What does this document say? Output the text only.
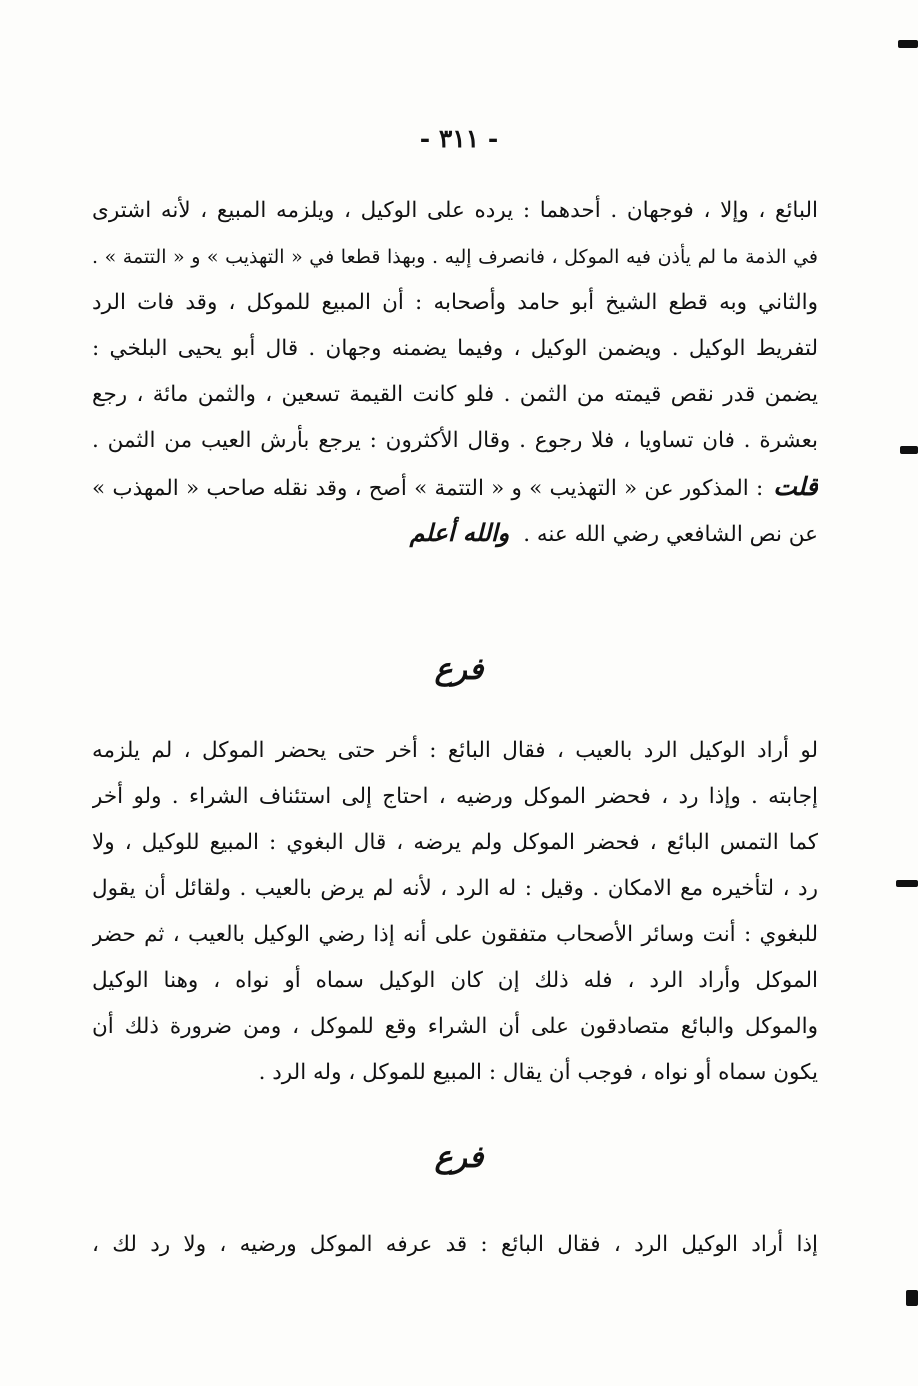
- ٣١١ -
البائع ، وإلا ، فوجهان . أحدهما : يرده على الوكيل ، ويلزمه المبيع ، لأنه اشترى
في الذمة ما لم يأذن فيه الموكل ، فانصرف إليه . وبهذا قطعا في « التهذيب » و « التتمة » .
والثاني وبه قطع الشيخ أبو حامد وأصحابه : أن المبيع للموكل ، وقد فات الرد
لتفريط الوكيل . ويضمن الوكيل ، وفيما يضمنه وجهان . قال أبو يحيى البلخي :
يضمن قدر نقص قيمته من الثمن . فلو كانت القيمة تسعين ، والثمن مائة ، رجع
بعشرة . فان تساويا ، فلا رجوع . وقال الأكثرون : يرجع بأرش العيب من الثمن .
قلت: المذكور عن « التهذيب » و « التتمة » أصح ، وقد نقله صاحب « المهذب »
عن نص الشافعي رضي الله عنه .والله أعلم
فرع
لو أراد الوكيل الرد بالعيب ، فقال البائع : أخر حتى يحضر الموكل ، لم يلزمه
إجابته . وإذا رد ، فحضر الموكل ورضيه ، احتاج إلى استئناف الشراء . ولو أخر
كما التمس البائع ، فحضر الموكل ولم يرضه ، قال البغوي : المبيع للوكيل ، ولا
رد ، لتأخيره مع الامكان . وقيل : له الرد ، لأنه لم يرض بالعيب . ولقائل أن يقول
للبغوي : أنت وسائر الأصحاب متفقون على أنه إذا رضي الوكيل بالعيب ، ثم حضر
الموكل وأراد الرد ، فله ذلك إن كان الوكيل سماه أو نواه ، وهنا الوكيل
والموكل والبائع متصادقون على أن الشراء وقع للموكل ، ومن ضرورة ذلك أن
يكون سماه أو نواه ، فوجب أن يقال : المبيع للموكل ، وله الرد .
فرع
إذا أراد الوكيل الرد ، فقال البائع : قد عرفه الموكل ورضيه ، ولا رد لك ،
